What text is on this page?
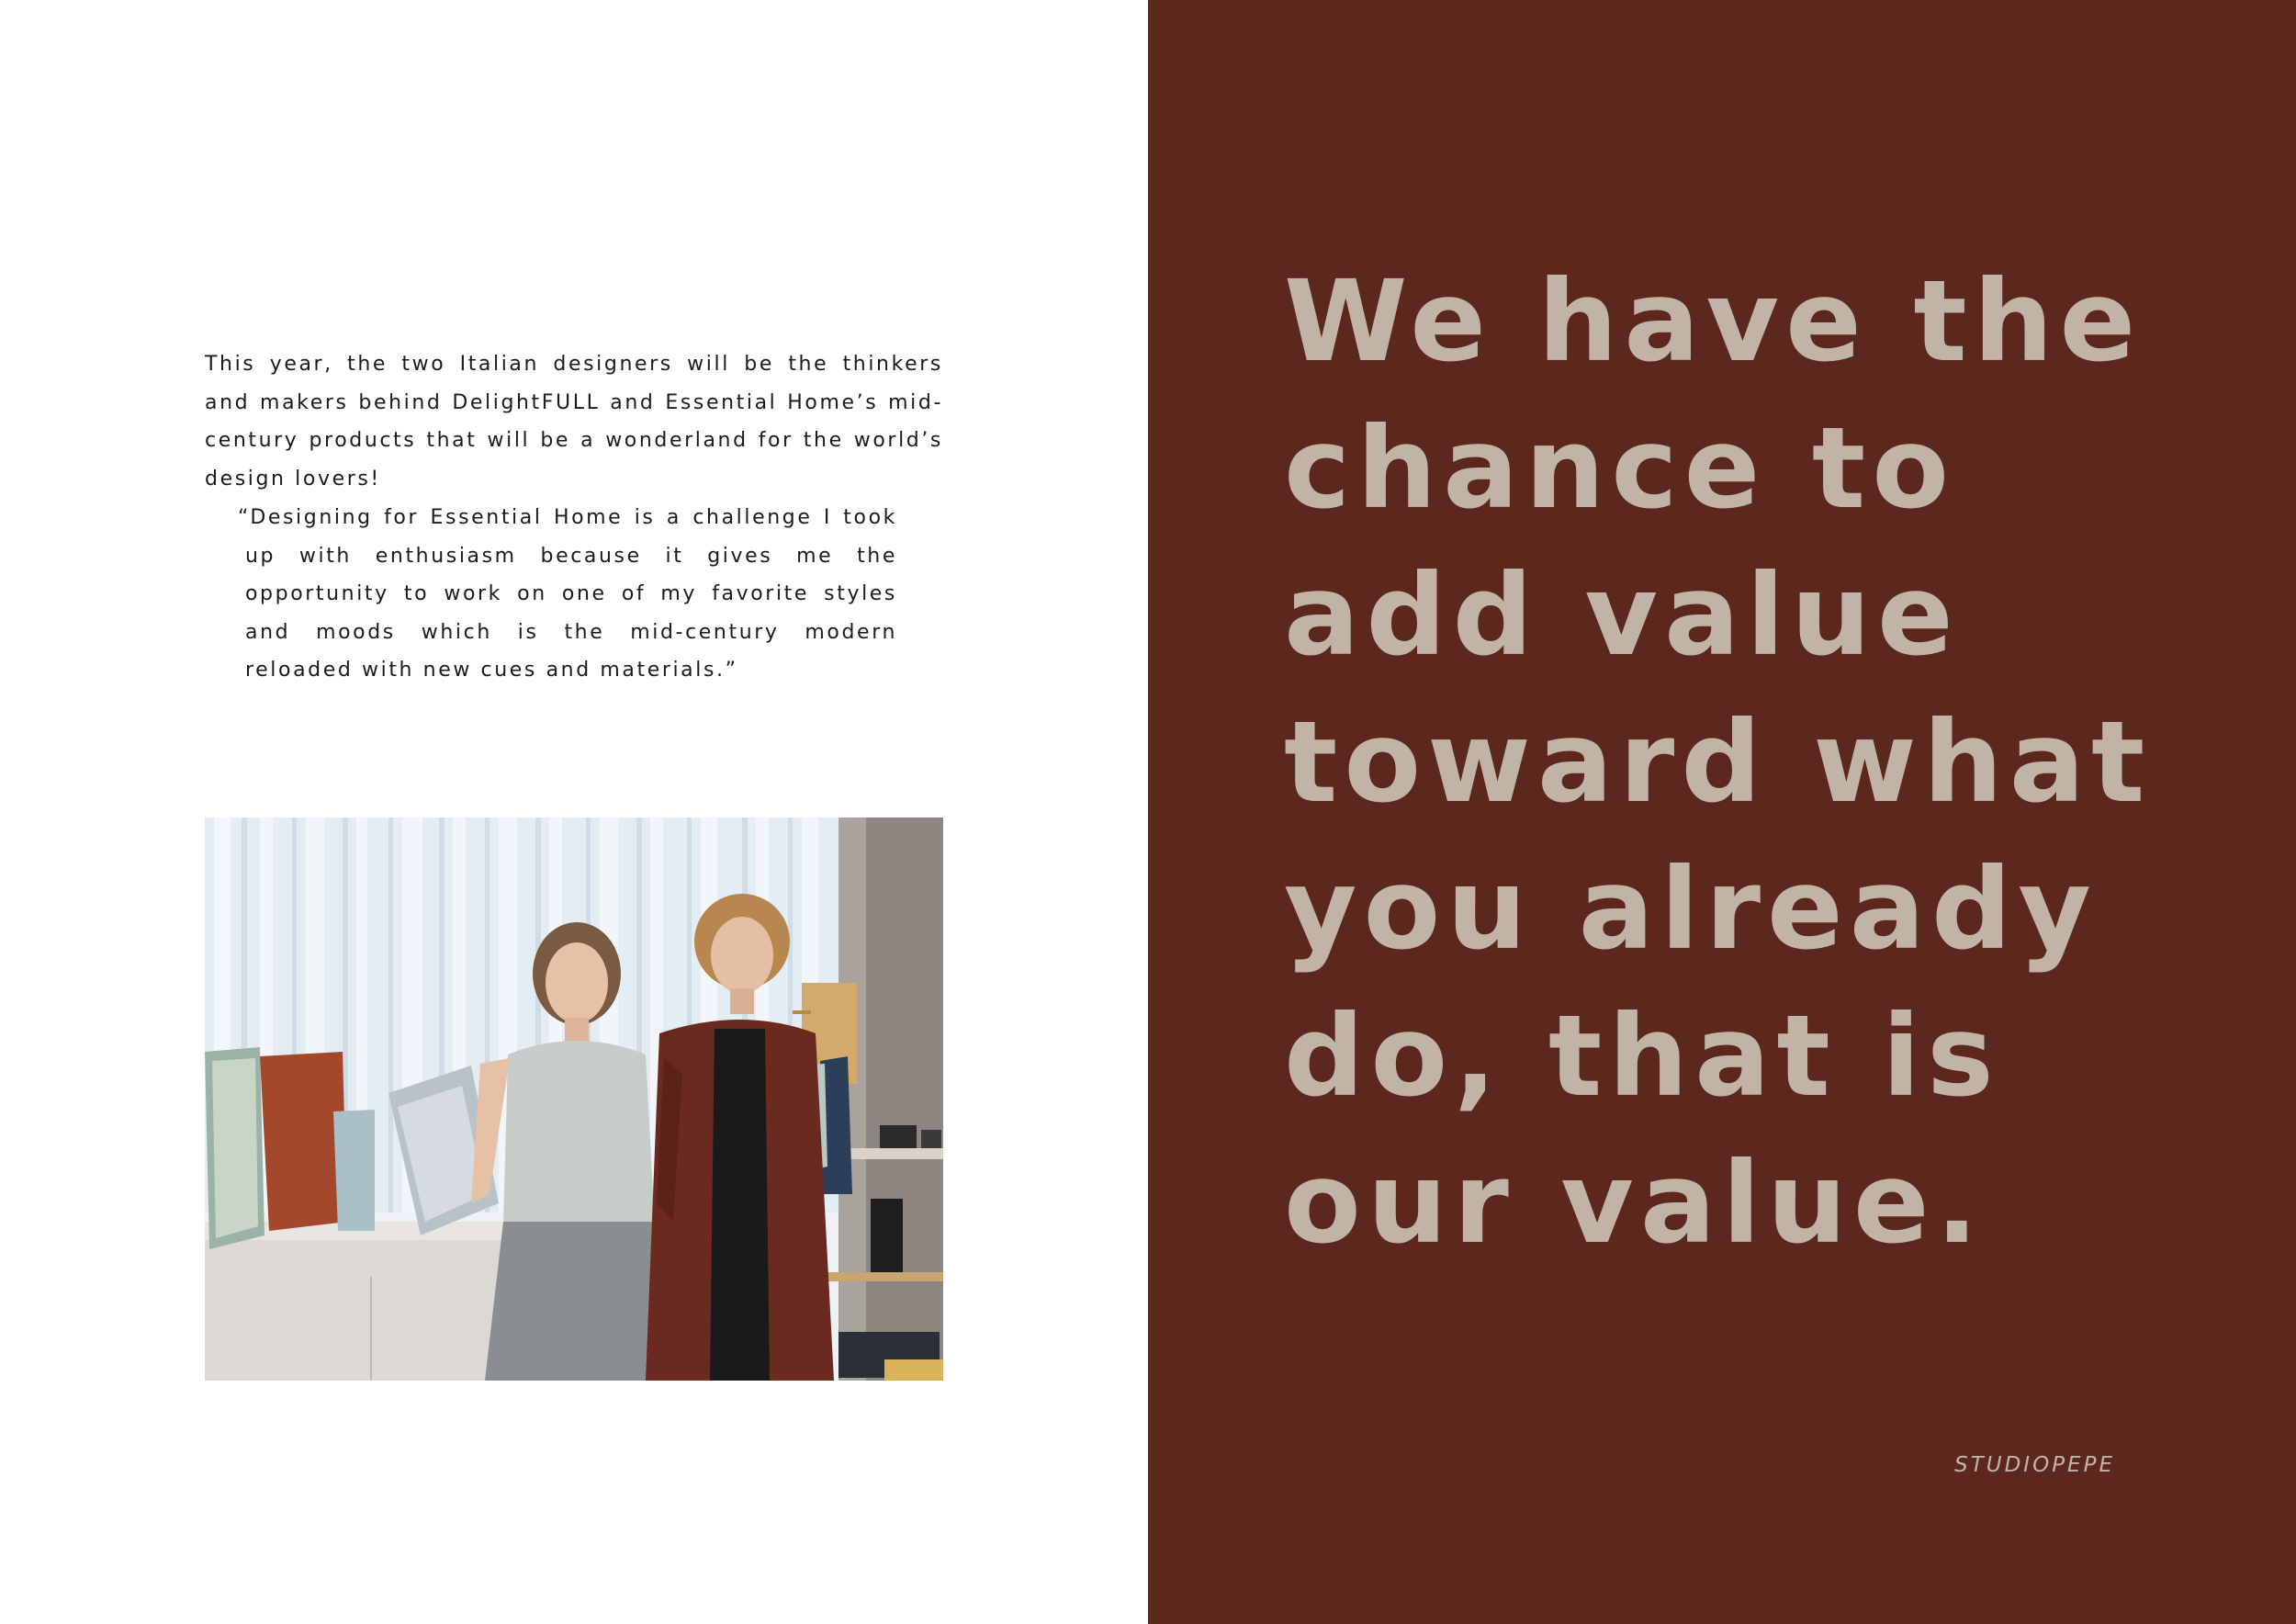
This year, the two Italian designers will be the thinkers and makers behind DelightFULL and Essential Home’s mid-century products that will be a wonderland for the world’s design lovers!

“Designing for Essential Home is a challenge I took up with enthusiasm because it gives me the opportunity to work on one of my favorite styles and moods which is the mid-century modern reloaded with new cues and materials.”

We have the
chance to
add value
toward what
you already
do, that is
our value.

STUDIOPEPE
